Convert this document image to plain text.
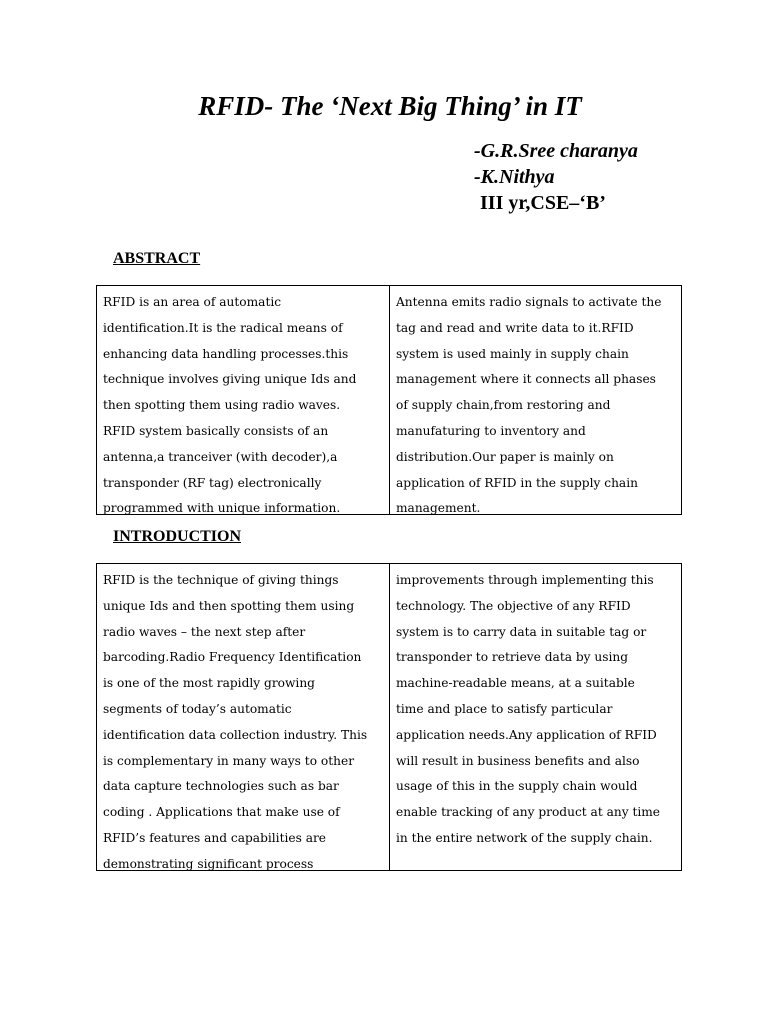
RFID- The ‘Next Big Thing’ in IT
-G.R.Sree charanya
-K.Nithya
III yr,CSE–‘B’
ABSTRACT
RFID is an area of automatic
identification.It is the radical means of
enhancing data handling processes.this
technique involves giving unique Ids and
then spotting them using radio waves.
RFID system basically consists of an
antenna,a tranceiver (with decoder),a
transponder (RF tag) electronically
programmed with unique information.
Antenna emits radio signals to activate the
tag and read and write data to it.RFID
system is used mainly in supply chain
management where it connects all phases
of supply chain,from restoring and
manufaturing to inventory and
distribution.Our paper is mainly on
application of RFID in the supply chain
management.
INTRODUCTION
RFID is the technique of giving things
unique Ids and then spotting them using
radio waves – the next step after
barcoding.Radio Frequency Identification
is one of the most rapidly growing
segments of today’s automatic
identification data collection industry. This
is complementary in many ways to other
data capture technologies such as bar
coding . Applications that make use of
RFID’s features and capabilities are
demonstrating significant process
improvements through implementing this
technology. The objective of any RFID
system is to carry data in suitable tag or
transponder to retrieve data by using
machine-readable means, at a suitable
time and place to satisfy particular
application needs.Any application of RFID
will result in business benefits and also
usage of this in the supply chain would
enable tracking of any product at any time
in the entire network of the supply chain.
